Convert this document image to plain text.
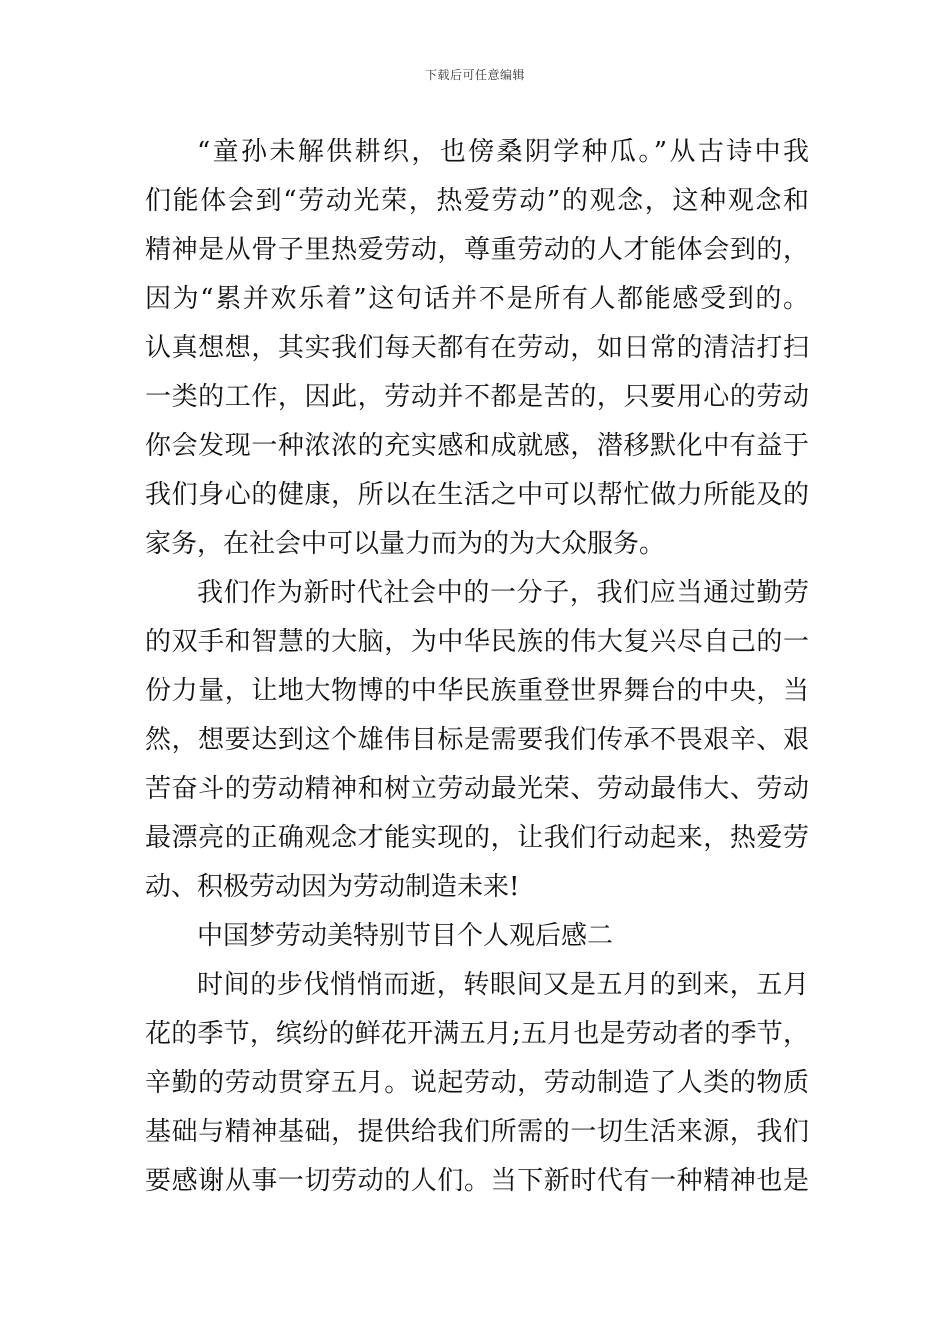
下载后可任意编辑
“童孙未解供耕织，也傍桑阴学种瓜。”从古诗中我
们能体会到“劳动光荣，热爱劳动”的观念，这种观念和
精神是从骨子里热爱劳动，尊重劳动的人才能体会到的，
因为“累并欢乐着”这句话并不是所有人都能感受到的。
认真想想，其实我们每天都有在劳动，如日常的清洁打扫
一类的工作，因此，劳动并不都是苦的，只要用心的劳动
你会发现一种浓浓的充实感和成就感，潜移默化中有益于
我们身心的健康，所以在生活之中可以帮忙做力所能及的
家务，在社会中可以量力而为的为大众服务。
我们作为新时代社会中的一分子，我们应当通过勤劳
的双手和智慧的大脑，为中华民族的伟大复兴尽自己的一
份力量，让地大物博的中华民族重登世界舞台的中央，当
然，想要达到这个雄伟目标是需要我们传承不畏艰辛、艰
苦奋斗的劳动精神和树立劳动最光荣、劳动最伟大、劳动
最漂亮的正确观念才能实现的，让我们行动起来，热爱劳
动、积极劳动因为劳动制造未来!
中国梦劳动美特别节目个人观后感二
时间的步伐悄悄而逝，转眼间又是五月的到来，五月
花的季节，缤纷的鲜花开满五月;五月也是劳动者的季节，
辛勤的劳动贯穿五月。说起劳动，劳动制造了人类的物质
基础与精神基础，提供给我们所需的一切生活来源，我们
要感谢从事一切劳动的人们。当下新时代有一种精神也是
